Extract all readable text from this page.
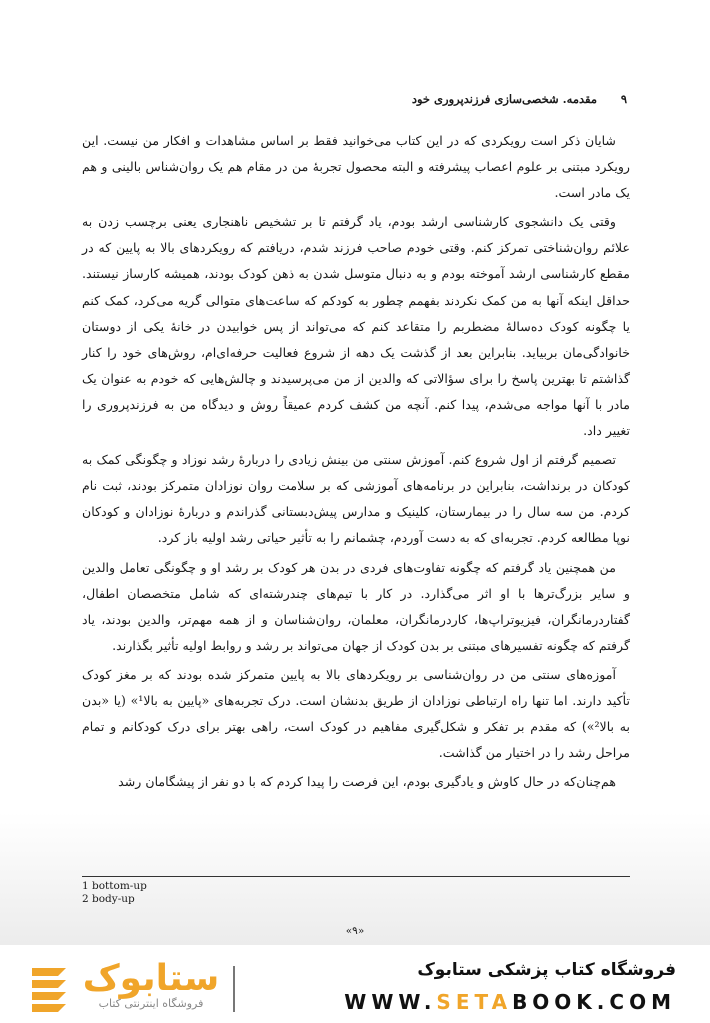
۹
مقدمه. شخصی‌سازی فرزندپروری خود

شایان ذکر است رویکردی که در این کتاب می‌خوانید فقط بر اساس مشاهدات و افکار من نیست. این رویکرد مبتنی بر علوم اعصاب پیشرفته و البته محصول تجربهٔ من در مقام هم یک روان‌شناس بالینی و هم یک مادر است.

وقتی یک دانشجوی کارشناسی ارشد بودم، یاد گرفتم تا بر تشخیص ناهنجاری یعنی برچسب زدن به علائم روان‌شناختی تمرکز کنم. وقتی خودم صاحب فرزند شدم، دریافتم که رویکردهای بالا به پایین که در مقطع کارشناسی ارشد آموخته بودم و به دنبال متوسل شدن به ذهن کودک بودند، همیشه کارساز نیستند. حداقل اینکه آنها به من کمک نکردند بفهمم چطور به کودکم که ساعت‌های متوالی گریه می‌کرد، کمک کنم یا چگونه کودک ده‌سالهٔ مضطربم را متقاعد کنم که می‌تواند از پس خوابیدن در خانهٔ یکی از دوستان خانوادگی‌مان بربیاید. بنابراین بعد از گذشت یک دهه از شروع فعالیت حرفه‌ای‌ام، روش‌های خود را کنار گذاشتم تا بهترین پاسخ را برای سؤالاتی که والدین از من می‌پرسیدند و چالش‌هایی که خودم به عنوان یک مادر با آنها مواجه می‌شدم، پیدا کنم. آنچه من کشف کردم عمیقاً روش و دیدگاه من به فرزندپروری را تغییر داد.

تصمیم گرفتم از اول شروع کنم. آموزش سنتی من بینش زیادی را دربارهٔ رشد نوزاد و چگونگی کمک به کودکان در برنداشت، بنابراین در برنامه‌های آموزشی که بر سلامت روان نوزادان متمرکز بودند، ثبت نام کردم. من سه سال را در بیمارستان، کلینیک و مدارس پیش‌دبستانی گذراندم و دربارهٔ نوزادان و کودکان نوپا مطالعه کردم. تجربه‌ای که به دست آوردم، چشمانم را به تأثیر حیاتی رشد اولیه باز کرد.

من همچنین یاد گرفتم که چگونه تفاوت‌های فردی در بدن هر کودک بر رشد او و چگونگی تعامل والدین و سایر بزرگ‌ترها با او اثر می‌گذارد. در کار با تیم‌های چندرشته‌ای که شامل متخصصان اطفال، گفتاردرمانگران، فیزیوتراپ‌ها، کاردرمانگران، معلمان، روان‌شناسان و از همه مهم‌تر، والدین بودند، یاد گرفتم که چگونه تفسیرهای مبتنی بر بدن کودک از جهان می‌تواند بر رشد و روابط اولیه تأثیر بگذارند.

آموزه‌های سنتی من در روان‌شناسی بر رویکردهای بالا به پایین متمرکز شده بودند که بر مغز کودک تأکید دارند. اما تنها راه ارتباطی نوزادان از طریق بدنشان است. درک تجربه‌های «پایین به بالا¹» (یا «بدن به بالا²») که مقدم بر تفکر و شکل‌گیری مفاهیم در کودک است، راهی بهتر برای درک کودکانم و تمام مراحل رشد را در اختیار من گذاشت.

هم‌چنان‌که در حال کاوش و یادگیری بودم، این فرصت را پیدا کردم که با دو نفر از پیشگامان رشد

1 bottom-up
2 body-up
«۹»
ستابوک
فروشگاه اینترنتی کتاب
فروشگاه کتاب پزشکی ستابوک
WWW.SETABOOK.COM
